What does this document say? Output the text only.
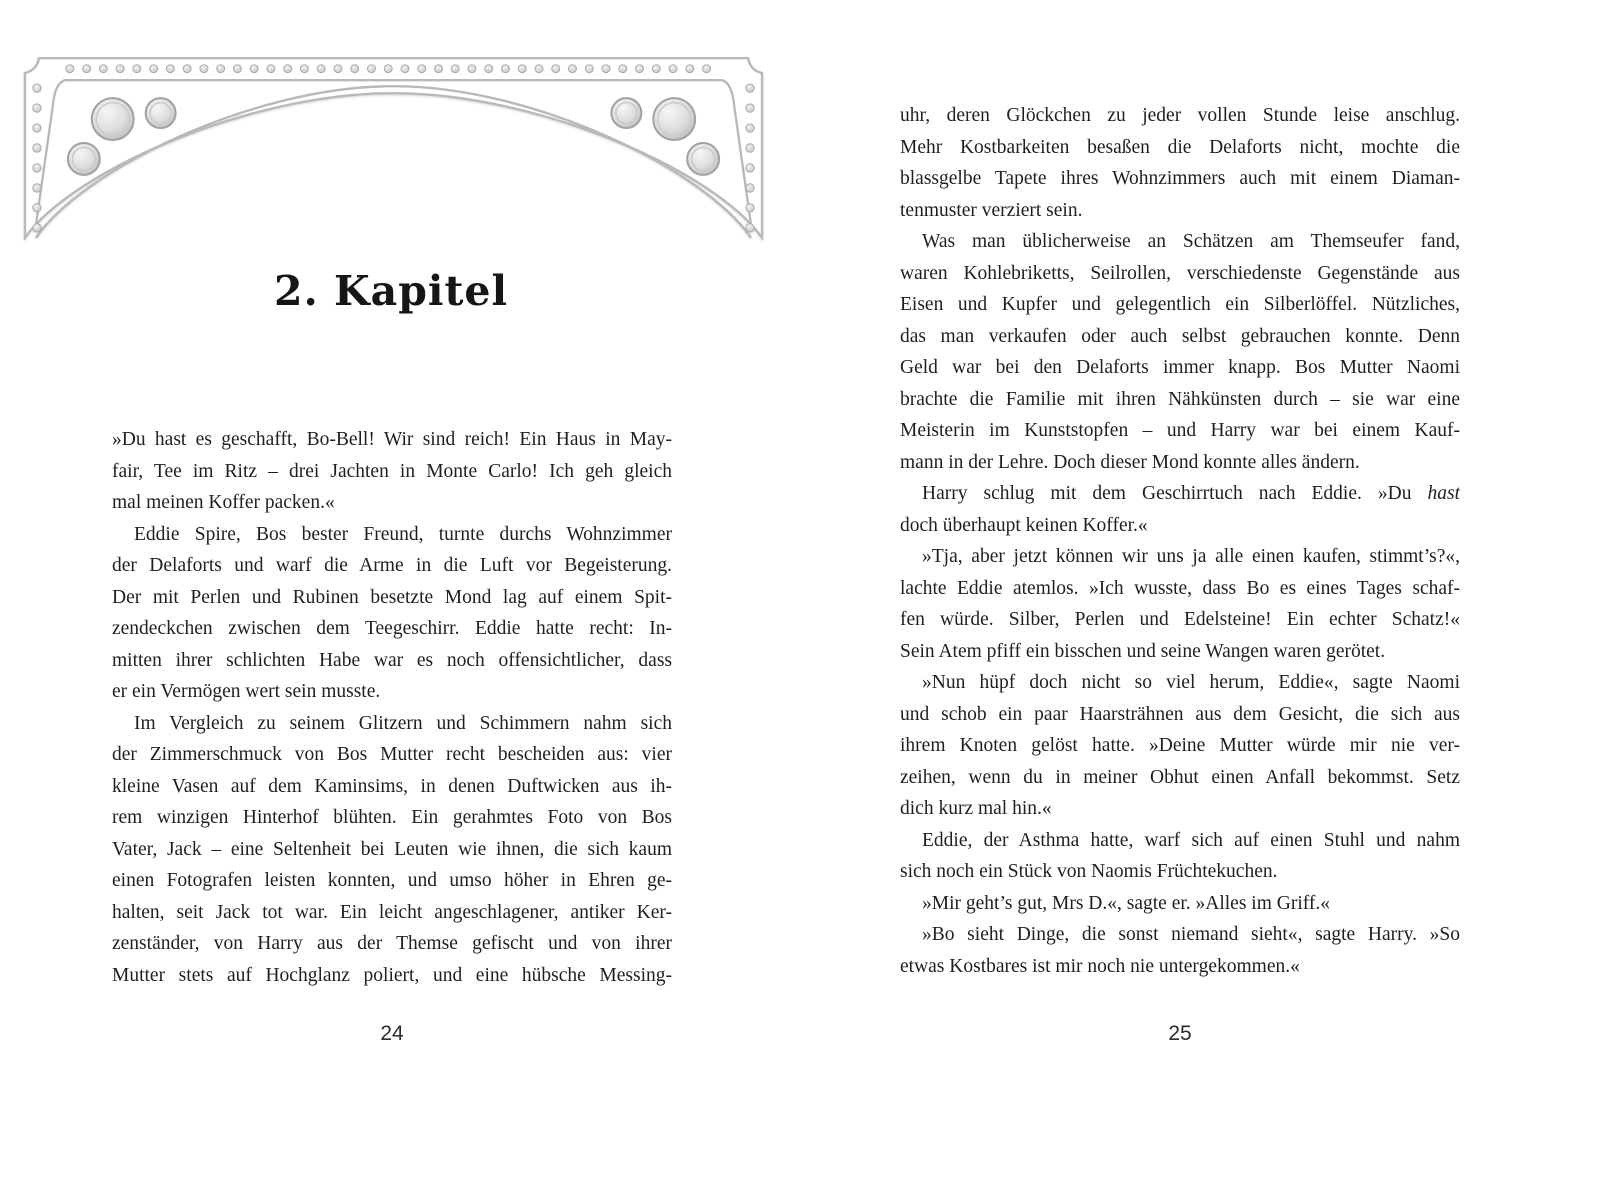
2. Kapitel
»Du hast es geschafft, Bo-Bell! Wir sind reich! Ein Haus in May-
fair, Tee im Ritz – drei Jachten in Monte Carlo! Ich geh gleich
mal meinen Koffer packen.«
Eddie Spire, Bos bester Freund, turnte durchs Wohnzimmer
der Delaforts und warf die Arme in die Luft vor Begeisterung.
Der mit Perlen und Rubinen besetzte Mond lag auf einem Spit-
zendeckchen zwischen dem Teegeschirr. Eddie hatte recht: In-
mitten ihrer schlichten Habe war es noch offensichtlicher, dass
er ein Vermögen wert sein musste.
Im Vergleich zu seinem Glitzern und Schimmern nahm sich
der Zimmerschmuck von Bos Mutter recht bescheiden aus: vier
kleine Vasen auf dem Kaminsims, in denen Duftwicken aus ih-
rem winzigen Hinterhof blühten. Ein gerahmtes Foto von Bos
Vater, Jack – eine Seltenheit bei Leuten wie ihnen, die sich kaum
einen Fotografen leisten konnten, und umso höher in Ehren ge-
halten, seit Jack tot war. Ein leicht angeschlagener, antiker Ker-
zenständer, von Harry aus der Themse gefischt und von ihrer
Mutter stets auf Hochglanz poliert, und eine hübsche Messing-
uhr, deren Glöckchen zu jeder vollen Stunde leise anschlug.
Mehr Kostbarkeiten besaßen die Delaforts nicht, mochte die
blassgelbe Tapete ihres Wohnzimmers auch mit einem Diaman-
tenmuster verziert sein.
Was man üblicherweise an Schätzen am Themseufer fand,
waren Kohlebriketts, Seilrollen, verschiedenste Gegenstände aus
Eisen und Kupfer und gelegentlich ein Silberlöffel. Nützliches,
das man verkaufen oder auch selbst gebrauchen konnte. Denn
Geld war bei den Delaforts immer knapp. Bos Mutter Naomi
brachte die Familie mit ihren Nähkünsten durch – sie war eine
Meisterin im Kunststopfen – und Harry war bei einem Kauf-
mann in der Lehre. Doch dieser Mond konnte alles ändern.
Harry schlug mit dem Geschirrtuch nach Eddie. »Du hast
doch überhaupt keinen Koffer.«
»Tja, aber jetzt können wir uns ja alle einen kaufen, stimmt’s?«,
lachte Eddie atemlos. »Ich wusste, dass Bo es eines Tages schaf-
fen würde. Silber, Perlen und Edelsteine! Ein echter Schatz!«
Sein Atem pfiff ein bisschen und seine Wangen waren gerötet.
»Nun hüpf doch nicht so viel herum, Eddie«, sagte Naomi
und schob ein paar Haarsträhnen aus dem Gesicht, die sich aus
ihrem Knoten gelöst hatte. »Deine Mutter würde mir nie ver-
zeihen, wenn du in meiner Obhut einen Anfall bekommst. Setz
dich kurz mal hin.«
Eddie, der Asthma hatte, warf sich auf einen Stuhl und nahm
sich noch ein Stück von Naomis Früchtekuchen.
»Mir geht’s gut, Mrs D.«, sagte er. »Alles im Griff.«
»Bo sieht Dinge, die sonst niemand sieht«, sagte Harry. »So
etwas Kostbares ist mir noch nie untergekommen.«
24	25
